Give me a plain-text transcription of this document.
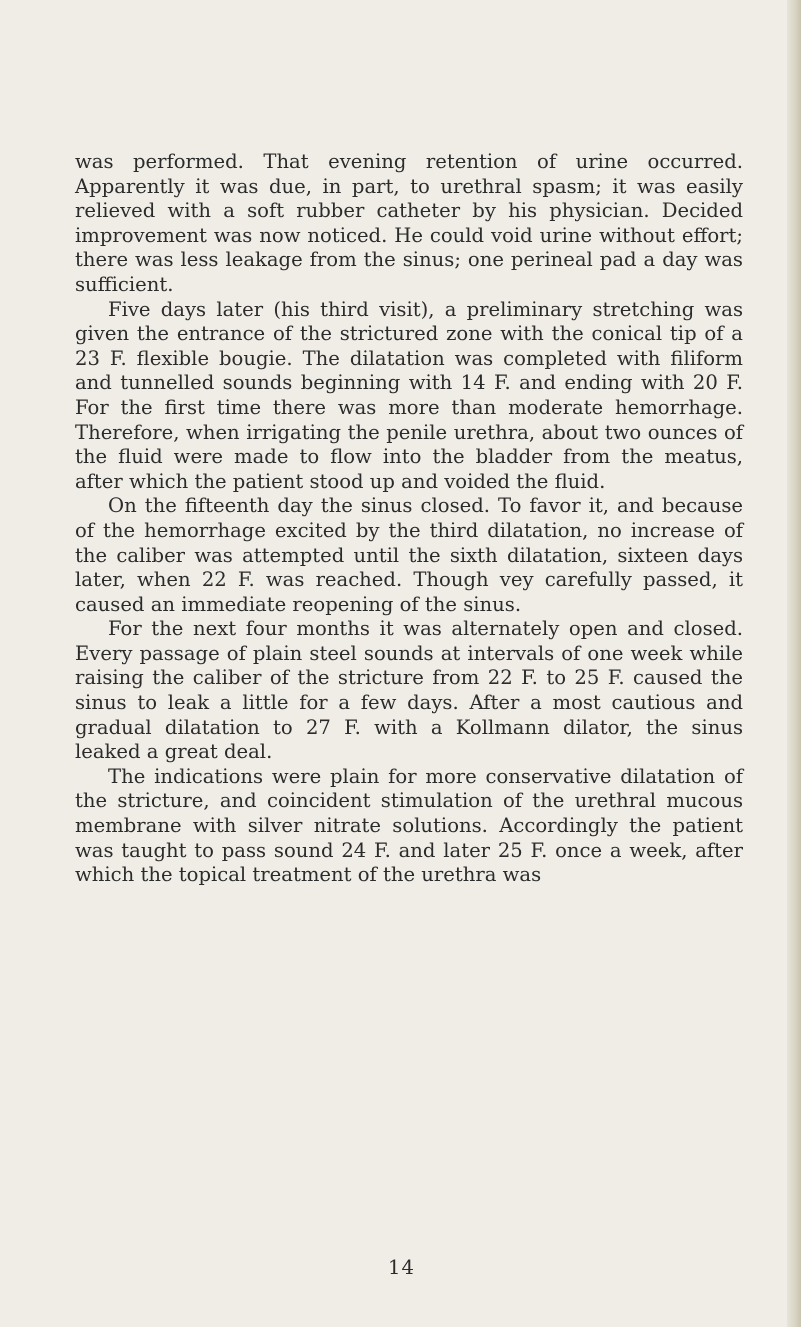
was performed. That evening retention of urine occurred. Apparently it was due, in part, to urethral spasm; it was easily relieved with a soft rubber catheter by his physician. Decided improvement was now noticed. He could void urine without effort; there was less leakage from the sinus; one perineal pad a day was sufficient.

Five days later (his third visit), a preliminary stretching was given the entrance of the strictured zone with the conical tip of a 23 F. flexible bougie. The dilatation was completed with filiform and tunnelled sounds beginning with 14 F. and ending with 20 F. For the first time there was more than moderate hemorrhage. Therefore, when irrigating the penile urethra, about two ounces of the fluid were made to flow into the bladder from the meatus, after which the patient stood up and voided the fluid.

On the fifteenth day the sinus closed. To favor it, and because of the hemorrhage excited by the third dilatation, no increase of the caliber was attempted until the sixth dilatation, sixteen days later, when 22 F. was reached. Though vey carefully passed, it caused an immediate reopening of the sinus.

For the next four months it was alternately open and closed. Every passage of plain steel sounds at intervals of one week while raising the caliber of the stricture from 22 F. to 25 F. caused the sinus to leak a little for a few days. After a most cautious and gradual dilatation to 27 F. with a Kollmann dilator, the sinus leaked a great deal.

The indications were plain for more conservative dilatation of the stricture, and coincident stimulation of the urethral mucous membrane with silver nitrate solutions. Accordingly the patient was taught to pass sound 24 F. and later 25 F. once a week, after which the topical treatment of the urethra was

14
